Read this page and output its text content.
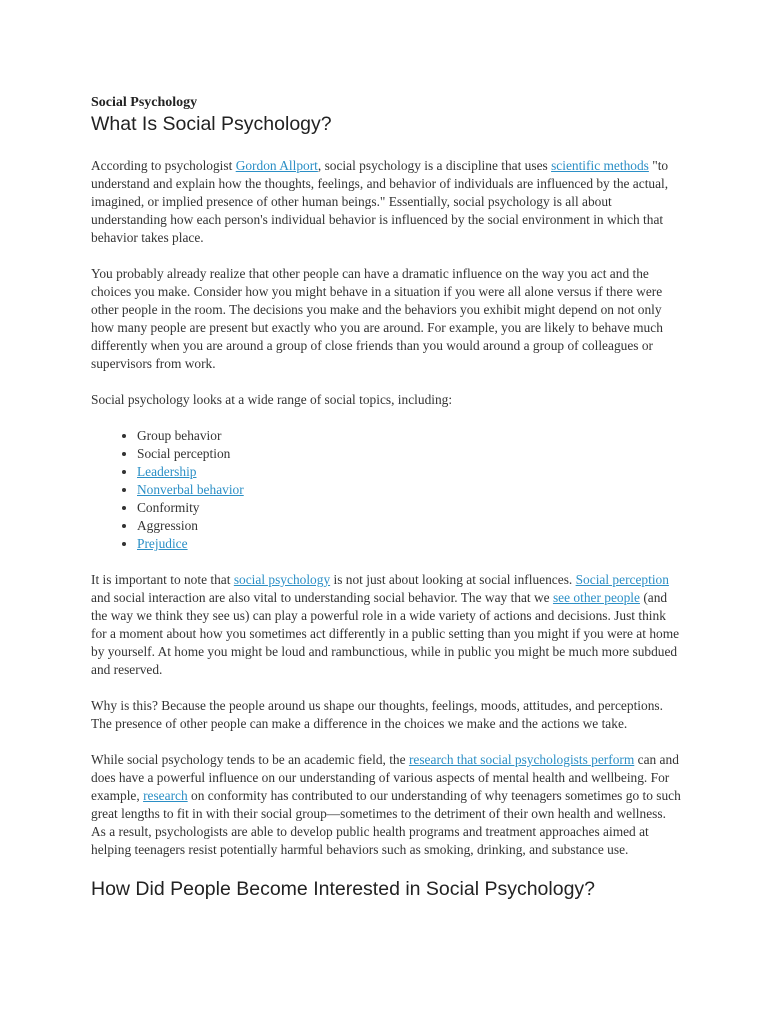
Social Psychology
What Is Social Psychology?

According to psychologist Gordon Allport, social psychology is a discipline that uses scientific methods "to understand and explain how the thoughts, feelings, and behavior of individuals are influenced by the actual, imagined, or implied presence of other human beings." Essentially, social psychology is all about understanding how each person's individual behavior is influenced by the social environment in which that behavior takes place.

You probably already realize that other people can have a dramatic influence on the way you act and the choices you make. Consider how you might behave in a situation if you were all alone versus if there were other people in the room. The decisions you make and the behaviors you exhibit might depend on not only how many people are present but exactly who you are around. For example, you are likely to behave much differently when you are around a group of close friends than you would around a group of colleagues or supervisors from work.

Social psychology looks at a wide range of social topics, including:

• Group behavior
• Social perception
• Leadership
• Nonverbal behavior
• Conformity
• Aggression
• Prejudice

It is important to note that social psychology is not just about looking at social influences. Social perception and social interaction are also vital to understanding social behavior. The way that we see other people (and the way we think they see us) can play a powerful role in a wide variety of actions and decisions. Just think for a moment about how you sometimes act differently in a public setting than you might if you were at home by yourself. At home you might be loud and rambunctious, while in public you might be much more subdued and reserved.

Why is this? Because the people around us shape our thoughts, feelings, moods, attitudes, and perceptions. The presence of other people can make a difference in the choices we make and the actions we take.

While social psychology tends to be an academic field, the research that social psychologists perform can and does have a powerful influence on our understanding of various aspects of mental health and wellbeing. For example, research on conformity has contributed to our understanding of why teenagers sometimes go to such great lengths to fit in with their social group—sometimes to the detriment of their own health and wellness. As a result, psychologists are able to develop public health programs and treatment approaches aimed at helping teenagers resist potentially harmful behaviors such as smoking, drinking, and substance use.

How Did People Become Interested in Social Psychology?
